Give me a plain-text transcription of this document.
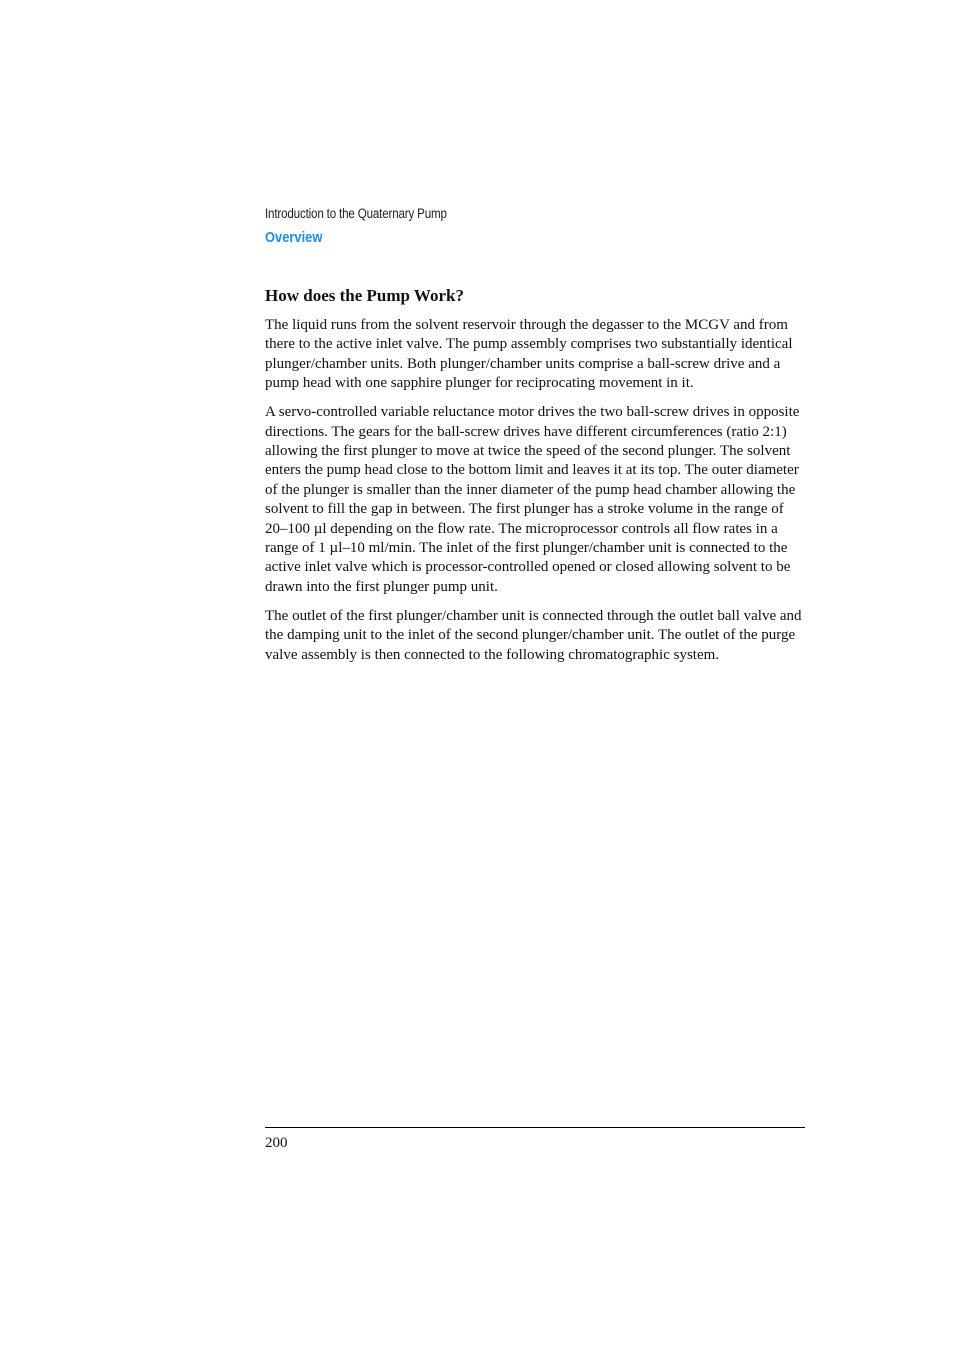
Introduction to the Quaternary Pump
Overview
How does the Pump Work?

The liquid runs from the solvent reservoir through the degasser to the MCGV and from there to the active inlet valve. The pump assembly comprises two substantially identical plunger/chamber units. Both plunger/chamber units comprise a ball-screw drive and a pump head with one sapphire plunger for reciprocating movement in it.

A servo-controlled variable reluctance motor drives the two ball-screw drives in opposite directions. The gears for the ball-screw drives have different circumferences (ratio 2:1) allowing the first plunger to move at twice the speed of the second plunger. The solvent enters the pump head close to the bottom limit and leaves it at its top. The outer diameter of the plunger is smaller than the inner diameter of the pump head chamber allowing the solvent to fill the gap in between. The first plunger has a stroke volume in the range of 20–100 µl depending on the flow rate. The microprocessor controls all flow rates in a range of 1 µl–10 ml/min. The inlet of the first plunger/chamber unit is connected to the active inlet valve which is processor-controlled opened or closed allowing solvent to be drawn into the first plunger pump unit.

The outlet of the first plunger/chamber unit is connected through the outlet ball valve and the damping unit to the inlet of the second plunger/chamber unit. The outlet of the purge valve assembly is then connected to the following chromatographic system.

200
